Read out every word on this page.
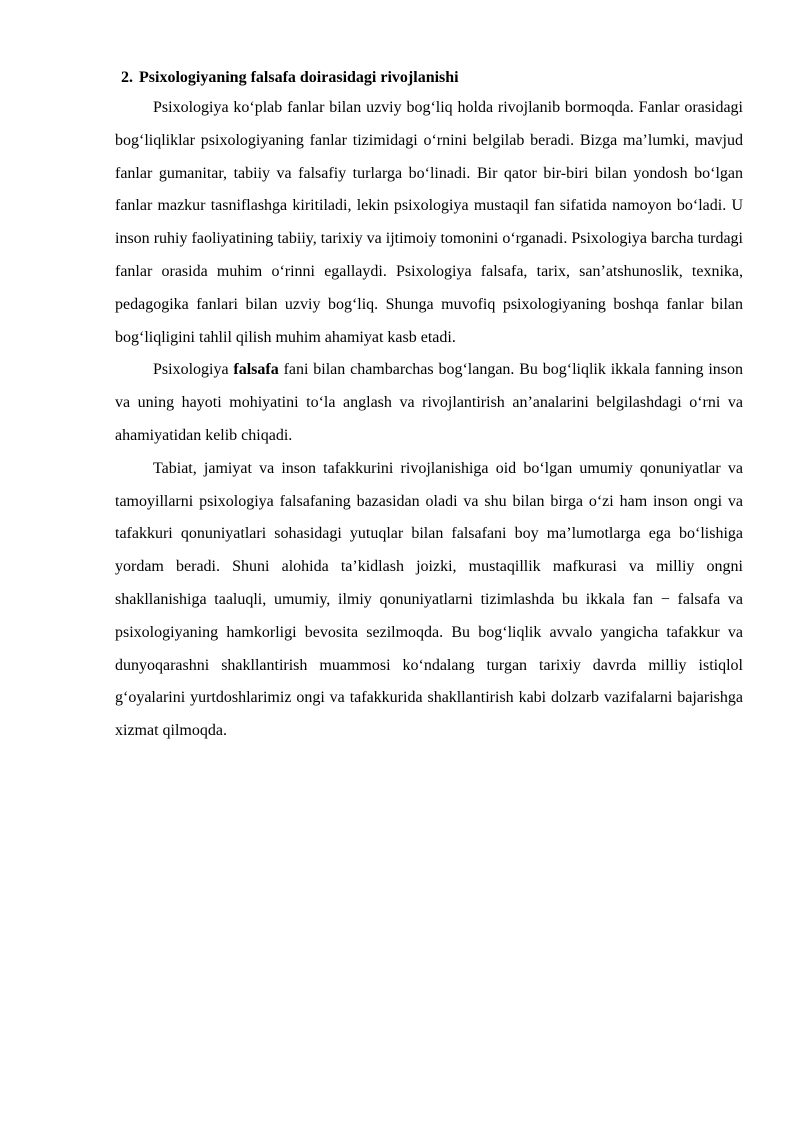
2. Psixologiyaning falsafa doirasidagi rivojlanishi

Psixologiya ko‘plab fanlar bilan uzviy bog‘liq holda rivojlanib bormoqda. Fanlar orasidagi bog‘liqliklar psixologiyaning fanlar tizimidagi o‘rnini belgilab beradi. Bizga ma’lumki, mavjud fanlar gumanitar, tabiiy va falsafiy turlarga bo‘linadi. Bir qator bir-biri bilan yondosh bo‘lgan fanlar mazkur tasniflashga kiritiladi, lekin psixologiya mustaqil fan sifatida namoyon bo‘ladi. U inson ruhiy faoliyatining tabiiy, tarixiy va ijtimoiy tomonini o‘rganadi. Psixologiya barcha turdagi fanlar orasida muhim o‘rinni egallaydi. Psixologiya falsafa, tarix, san’atshunoslik, texnika, pedagogika fanlari bilan uzviy bog‘liq. Shunga muvofiq psixologiyaning boshqa fanlar bilan bog‘liqligini tahlil qilish muhim ahamiyat kasb etadi.

Psixologiya falsafa fani bilan chambarchas bog‘langan. Bu bog‘liqlik ikkala fanning inson va uning hayoti mohiyatini to‘la anglash va rivojlantirish an’analarini belgilashdagi o‘rni va ahamiyatidan kelib chiqadi.

Tabiat, jamiyat va inson tafakkurini rivojlanishiga oid bo‘lgan umumiy qonuniyatlar va tamoyillarni psixologiya falsafaning bazasidan oladi va shu bilan birga o‘zi ham inson ongi va tafakkuri qonuniyatlari sohasidagi yutuqlar bilan falsafani boy ma’lumotlarga ega bo‘lishiga yordam beradi. Shuni alohida ta’kidlash joizki, mustaqillik mafkurasi va milliy ongni shakllanishiga taaluqli, umumiy, ilmiy qonuniyatlarni tizimlashda bu ikkala fan − falsafa va psixologiyaning hamkorligi bevosita sezilmoqda. Bu bog‘liqlik avvalo yangicha tafakkur va dunyoqarashni shakllantirish muammosi ko‘ndalang turgan tarixiy davrda milliy istiqlol g‘oyalarini yurtdoshlarimiz ongi va tafakkurida shakllantirish kabi dolzarb vazifalarni bajarishga xizmat qilmoqda.
